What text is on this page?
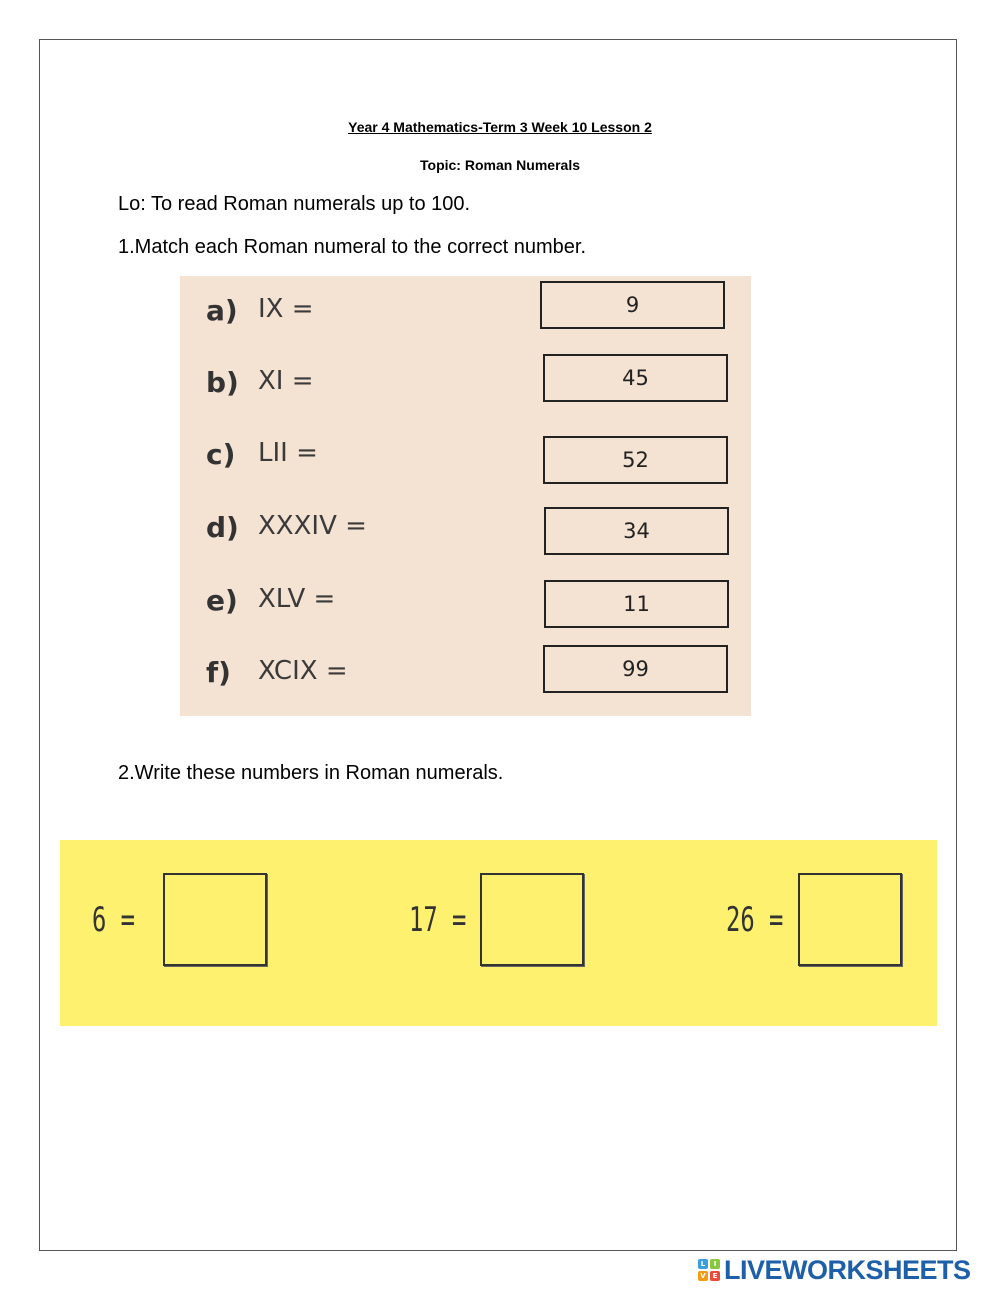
Year 4 Mathematics-Term 3 Week 10 Lesson 2
Topic: Roman Numerals
Lo: To read Roman numerals up to 100.
1.Match each Roman numeral to the correct number.
a) IX =	9
b) XI =	45
c) LII =	52
d) XXXIV =	34
e) XLV =	11
f) XCIX =	99
2.Write these numbers in Roman numerals.
6 =	17 =	26 =
L	I
V E LIVEWORKSHEETS
